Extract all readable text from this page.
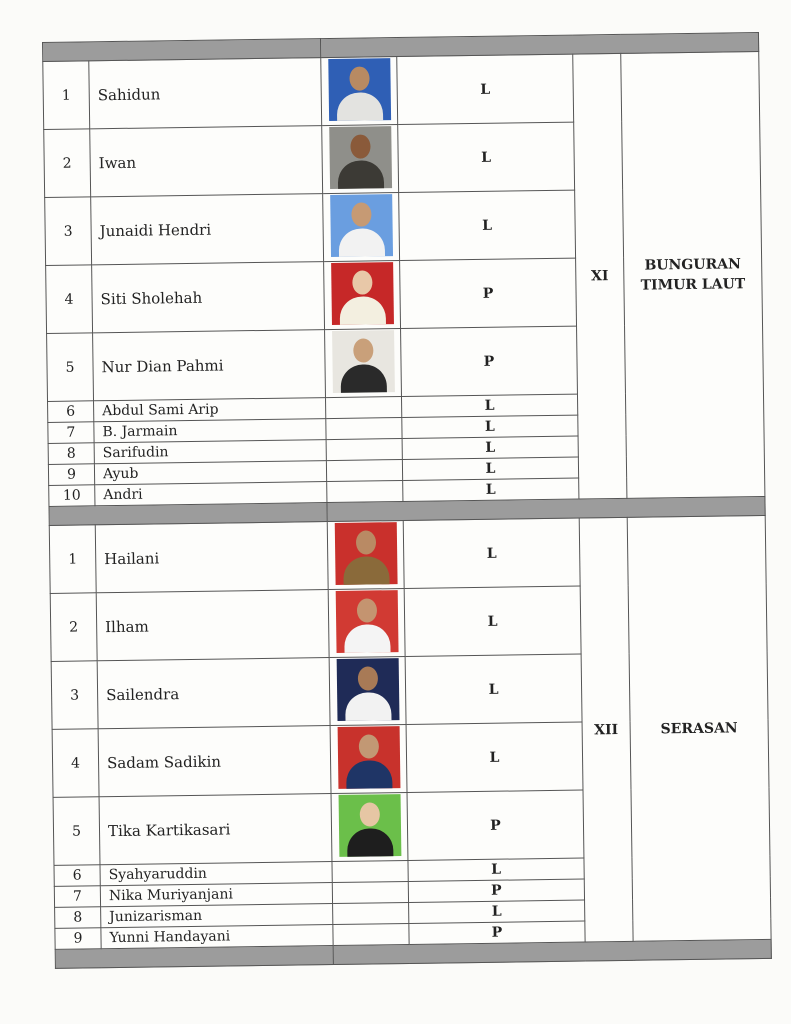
1	Sahidun		L	XI	BUNGURAN
TIMUR LAUT

2	Iwan		L		
3	Junaidi Hendri		L		
4	Siti Sholehah		P		
5	Nur Dian Pahmi		P		
6	Abdul Sami Arip		L		
7	B. Jarmain		L		
8	Sarifudin		L		
9	Ayub		L		
10	Andri		L		

1	Hailani		L	XII	SERASAN

2	Ilham		L		
3	Sailendra		L		
4	Sadam Sadikin		L		
5	Tika Kartikasari		P		
6	Syahyaruddin		L		
7	Nika Muriyanjani		P		
8	Junizarisman		L		
9	Yunni Handayani		P		
